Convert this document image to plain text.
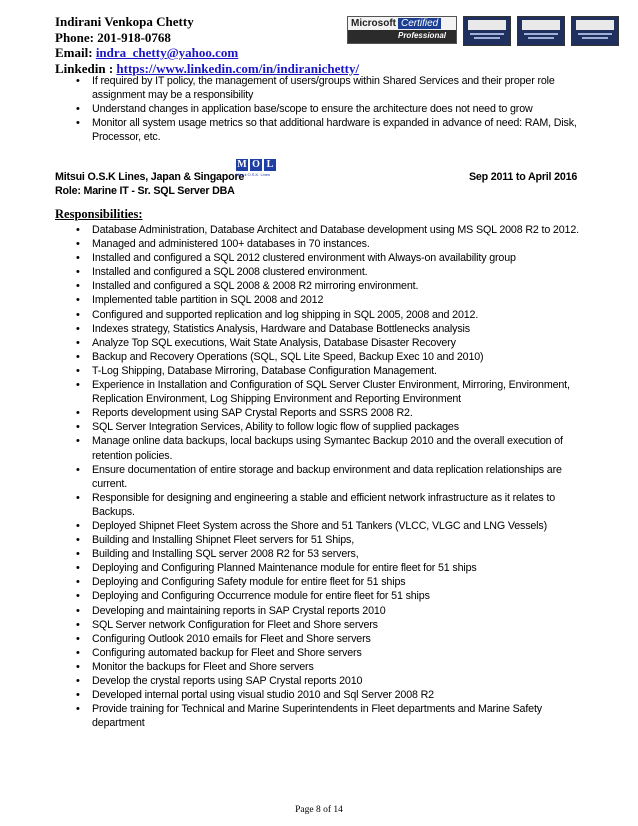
Indirani Venkopa Chetty
Phone: 201-918-0768
Email: indra_chetty@yahoo.com
Linkedin : https://www.linkedin.com/in/indiranichetty/
Microsoft Certified
Professional
• If required by IT policy, the management of users/groups within Shared Services and their proper role assignment may be a responsibility
• Understand changes in application base/scope to ensure the architecture does not need to grow
• Monitor all system usage metrics so that additional hardware is expanded in advance of need: RAM, Disk, Processor, etc.
Mitsui O.S.K Lines, Japan & Singapore
M O L
Mitsui O.S.K. Lines	Sep 2011 to April 2016
Role: Marine IT - Sr. SQL Server DBA
Responsibilities:
• Database Administration, Database Architect and Database development using MS SQL 2008 R2 to 2012.
• Managed and administered 100+ databases in 70 instances.
• Installed and configured a SQL 2012 clustered environment with Always-on availability group
• Installed and configured a SQL 2008 clustered environment.
• Installed and configured a SQL 2008 & 2008 R2 mirroring environment.
• Implemented table partition in SQL 2008 and 2012
• Configured and supported replication and log shipping in SQL 2005, 2008 and 2012.
• Indexes strategy, Statistics Analysis, Hardware and Database Bottlenecks analysis
• Analyze Top SQL executions, Wait State Analysis, Database Disaster Recovery
• Backup and Recovery Operations (SQL, SQL Lite Speed, Backup Exec 10 and 2010)
• T-Log Shipping, Database Mirroring, Database Configuration Management.
• Experience in Installation and Configuration of SQL Server Cluster Environment, Mirroring, Environment, Replication Environment, Log Shipping Environment and Reporting Environment
• Reports development using SAP Crystal Reports and SSRS 2008 R2.
• SQL Server Integration Services, Ability to follow logic flow of supplied packages
• Manage online data backups, local backups using Symantec Backup 2010 and the overall execution of retention policies.
• Ensure documentation of entire storage and backup environment and data replication relationships are current.
• Responsible for designing and engineering a stable and efficient network infrastructure as it relates to Backups.
• Deployed Shipnet Fleet System across the Shore and 51 Tankers (VLCC, VLGC and LNG Vessels)
• Building and Installing Shipnet Fleet servers for 51 Ships,
• Building and Installing SQL server 2008 R2 for 53 servers,
• Deploying and Configuring Planned Maintenance module for entire fleet for 51 ships
• Deploying and Configuring Safety module for entire fleet for 51 ships
• Deploying and Configuring Occurrence module for entire fleet for 51 ships
• Developing and maintaining reports in SAP Crystal reports 2010
• SQL Server network Configuration for Fleet and Shore servers
• Configuring Outlook 2010 emails for Fleet and Shore servers
• Configuring automated backup for Fleet and Shore servers
• Monitor the backups for Fleet and Shore servers
• Develop the crystal reports using SAP Crystal reports 2010
• Developed internal portal using visual studio 2010 and Sql Server 2008 R2
• Provide training for Technical and Marine Superintendents in Fleet departments and Marine Safety department
Page 8 of 14
